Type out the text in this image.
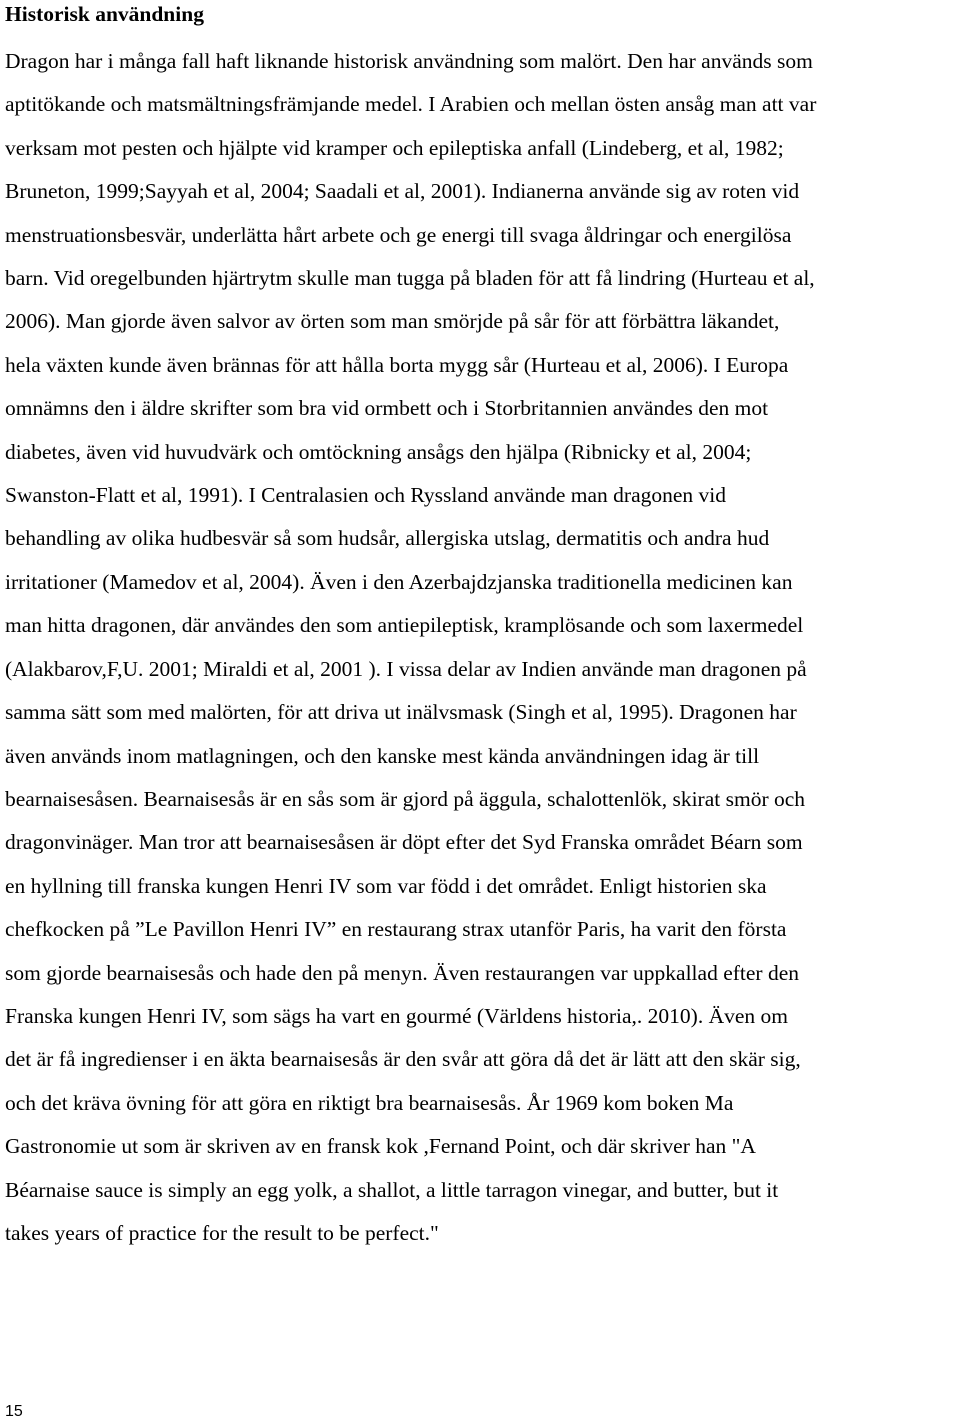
Historisk användning
Dragon har i många fall haft liknande historisk användning som malört. Den har används som
aptitökande och matsmältningsfrämjande medel. I Arabien och mellan östen ansåg man att var
verksam mot pesten och hjälpte vid kramper och epileptiska anfall (Lindeberg, et al, 1982;
Bruneton, 1999;Sayyah et al, 2004; Saadali et al, 2001). Indianerna använde sig av roten vid
menstruationsbesvär, underlätta hårt arbete och ge energi till svaga åldringar och energilösa
barn. Vid oregelbunden hjärtrytm skulle man tugga på bladen för att få lindring (Hurteau et al,
2006). Man gjorde även salvor av örten som man smörjde på sår för att förbättra läkandet,
hela växten kunde även brännas för att hålla borta mygg sår (Hurteau et al, 2006). I Europa
omnämns den i äldre skrifter som bra vid ormbett och i Storbritannien användes den mot
diabetes, även vid huvudvärk och omtöckning ansågs den hjälpa (Ribnicky et al, 2004;
Swanston-Flatt et al, 1991). I Centralasien och Ryssland använde man dragonen vid
behandling av olika hudbesvär så som hudsår, allergiska utslag, dermatitis och andra hud
irritationer (Mamedov et al, 2004). Även i den Azerbajdzjanska traditionella medicinen kan
man hitta dragonen, där användes den som antiepileptisk, kramplösande och som laxermedel
(Alakbarov,F,U. 2001; Miraldi et al, 2001 ). I vissa delar av Indien använde man dragonen på
samma sätt som med malörten, för att driva ut inälvsmask (Singh et al, 1995). Dragonen har
även används inom matlagningen, och den kanske mest kända användningen idag är till
bearnaisesåsen. Bearnaisesås är en sås som är gjord på äggula, schalottenlök, skirat smör och
dragonvinäger. Man tror att bearnaisesåsen är döpt efter det Syd Franska området Béarn som
en hyllning till franska kungen Henri IV som var född i det området. Enligt historien ska
chefkocken på ”Le Pavillon Henri IV” en restaurang strax utanför Paris, ha varit den första
som gjorde bearnaisesås och hade den på menyn. Även restaurangen var uppkallad efter den
Franska kungen Henri IV, som sägs ha vart en gourmé (Världens historia,. 2010). Även om
det är få ingredienser i en äkta bearnaisesås är den svår att göra då det är lätt att den skär sig,
och det kräva övning för att göra en riktigt bra bearnaisesås. År 1969 kom boken Ma
Gastronomie ut som är skriven av en fransk kok ,Fernand Point, och där skriver han "A
Béarnaise sauce is simply an egg yolk, a shallot, a little tarragon vinegar, and butter, but it
takes years of practice for the result to be perfect."
15
